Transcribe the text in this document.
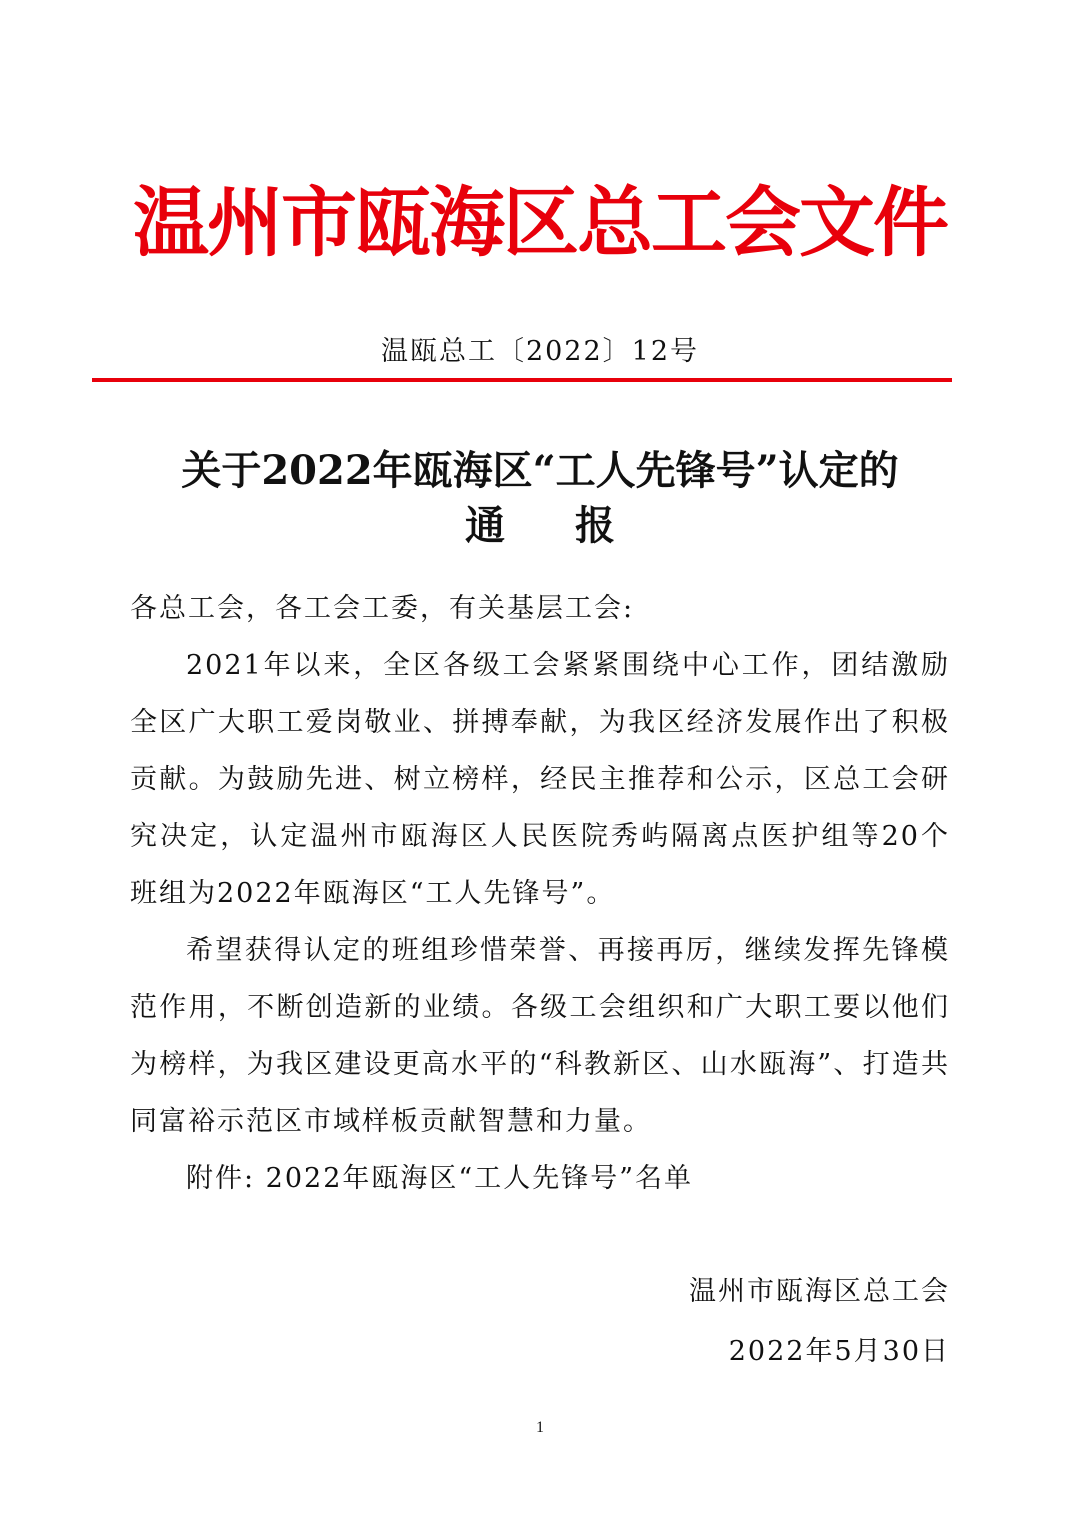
温州市瓯海区总工会文件
温瓯总工〔2022〕12号
关于2022年瓯海区“工人先锋号”认定的
通报

各总工会，各工会工委，有关基层工会:

2021年以来，全区各级工会紧紧围绕中心工作，团结激励全区广大职工爱岗敬业、拼搏奉献，为我区经济发展作出了积极贡献。为鼓励先进、树立榜样，经民主推荐和公示，区总工会研究决定，认定温州市瓯海区人民医院秀屿隔离点医护组等20个班组为2022年瓯海区“工人先锋号”。

希望获得认定的班组珍惜荣誉、再接再厉，继续发挥先锋模范作用，不断创造新的业绩。各级工会组织和广大职工要以他们为榜样，为我区建设更高水平的“科教新区、山水瓯海”、打造共同富裕示范区市域样板贡献智慧和力量。

附件: 2022年瓯海区“工人先锋号”名单

温州市瓯海区总工会
2022年5月30日
1
